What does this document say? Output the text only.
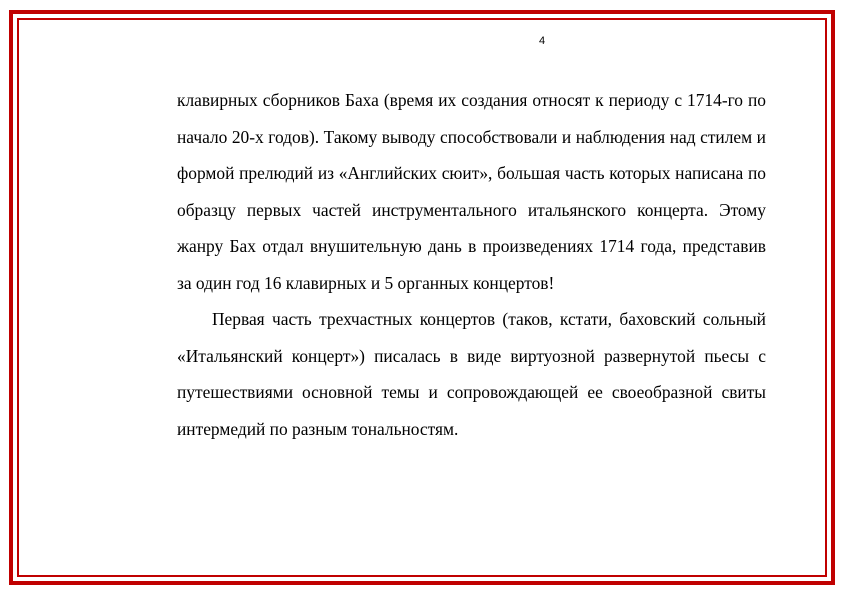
4

клавирных сборников Баха (время их создания относят к периоду с 1714-го по начало 20-х годов). Такому выводу способствовали и наблюдения над стилем и формой прелюдий из «Английских сюит», большая часть которых написана по образцу первых частей инструментального итальянского концерта. Этому жанру Бах отдал внушительную дань в произведениях 1714 года, представив за один год 16 клавирных и 5 органных концертов!

Первая часть трехчастных концертов (таков, кстати, баховский сольный «Итальянский концерт») писалась в виде виртуозной развернутой пьесы с путешествиями основной темы и сопровождающей ее своеобразной свиты интермедий по разным тональностям.
